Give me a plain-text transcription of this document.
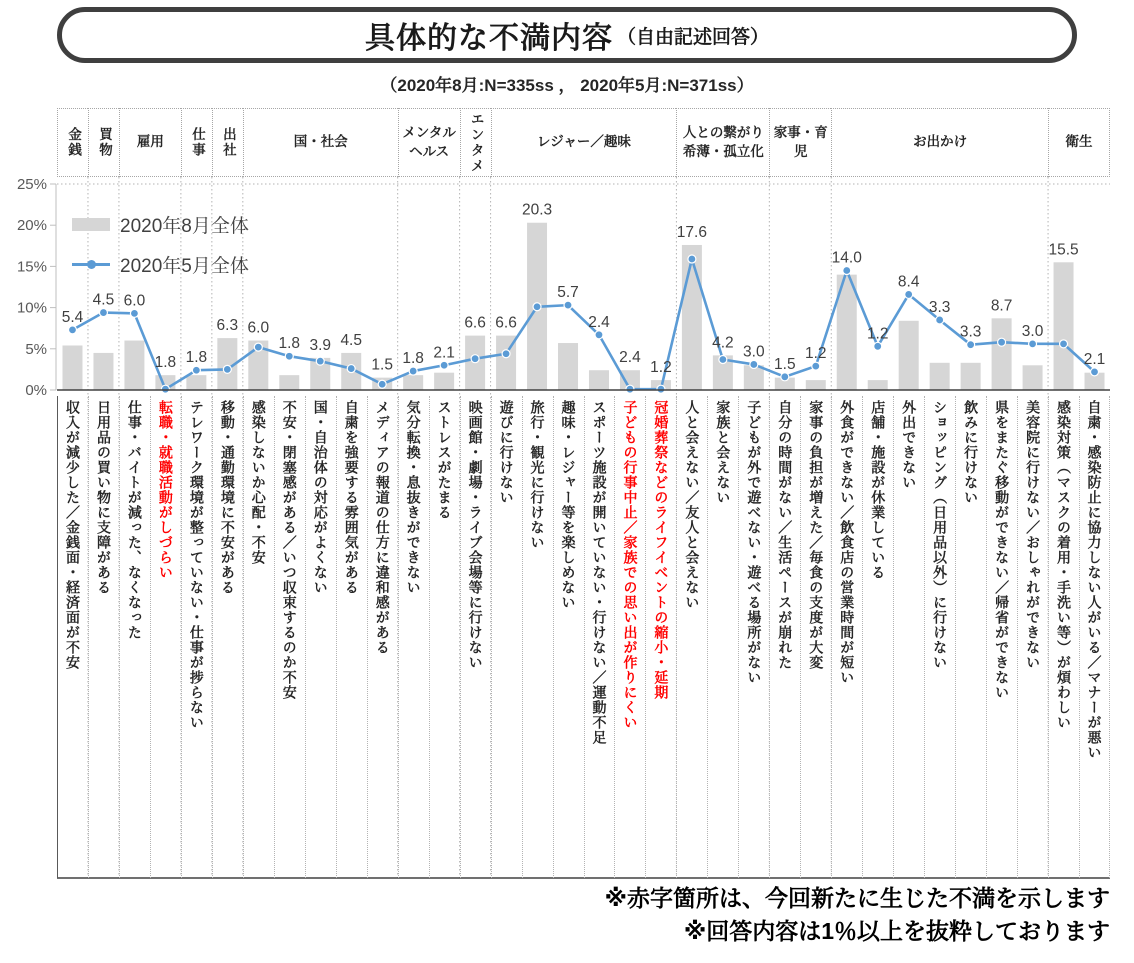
具体的な不満内容 （自由記述回答）
（2020年8月:N=335ss ， 2020年5月:N=371ss）
0%
5%
10%
15%
20%
25%
5.4
4.5 6.0
1.8 1.8
6.3 6.0
1.8 3.9 4.5
1.5 1.8 2.1
6.6 6.6
20.3
5.7
2.4
2.4
1.2
17.6
4.2
3.0
1.5
1.2
14.0
1.2
8.4
3.3
3.3
8.7
3.0
15.5
2.1
金銭 買物 雇用 仕事 出社	国・社会
メンタルヘルス	エンタメ	レジャー／趣味
人との繋がり希薄・孤立化
家事・育児
お出かけ	衛生
収入が減少した／金銭面・経済面が不安 日用品の買い物に支障がある 仕事・バイトが減った、なくなった 転職・就職活動がしづらい テレワーク環境が整っていない・仕事が捗らない 移動・通勤環境に不安がある 感染しないか心配・不安 不安・閉塞感がある／いつ収束するのか不安 国・自治体の対応がよくない 自粛を強要する雰囲気がある メディアの報道の仕方に違和感がある 気分転換・息抜きができない ストレスがたまる 映画館・劇場・ライブ会場等に行けない 遊びに行けない 旅行・観光に行けない 趣味・レジャー等を楽しめない スポーツ施設が開いていない・行けない／運動不足 子どもの行事中止／家族での思い出が作りにくい 冠婚葬祭などのライフイベントの縮小・延期 人と会えない／友人と会えない 家族と会えない 子どもが外で遊べない・遊べる場所がない 自分の時間がない／生活ペースが崩れた 家事の負担が増えた／毎食の支度が大変 外食ができない／飲食店の営業時間が短い 店舗・施設が休業している 外出できない ショッピング（日用品以外）に行けない 飲みに行けない 県をまたぐ移動ができない／帰省ができない 美容院に行けない／おしゃれができない 感染対策（マスクの着用・手洗い等）が煩わしい 自粛・感染防止に協力しない人がいる／マナーが悪い
2020年8月全体
2020年5月全体
※赤字箇所は、今回新たに生じた不満を示します
※回答内容は1％以上を抜粋しております
